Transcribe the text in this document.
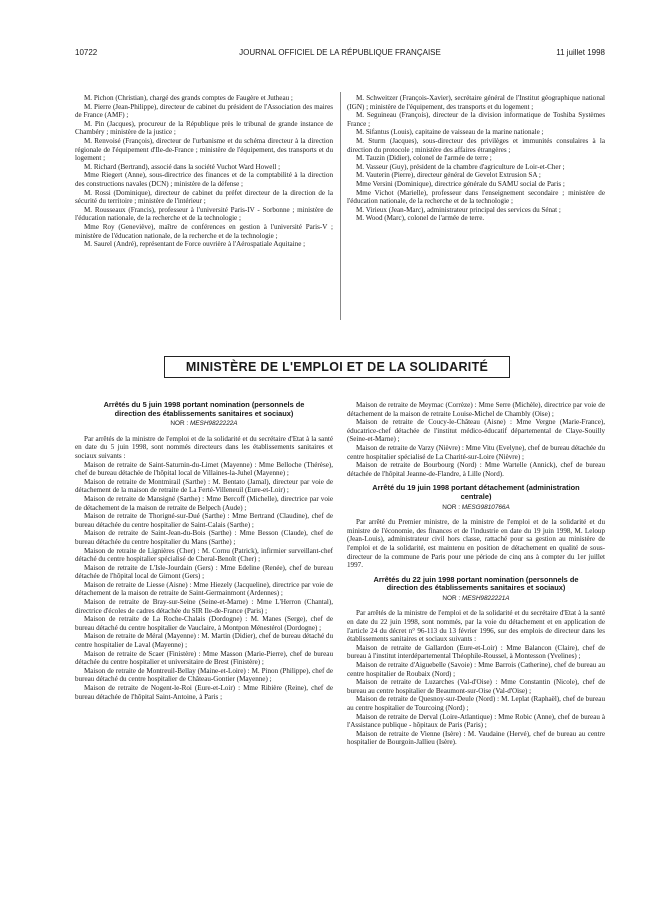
10722	JOURNAL OFFICIEL DE LA RÉPUBLIQUE FRANÇAISE	11 juillet 1998

M. Pichon (Christian), chargé des grands comptes de Faugère et Jutheau ;

M. Pierre (Jean-Philippe), directeur de cabinet du président de l'Association des maires de France (AMF) ;

M. Pin (Jacques), procureur de la République près le tribunal de grande instance de Chambéry ; ministère de la justice ;

M. Renvoisé (François), directeur de l'urbanisme et du schéma directeur à la direction régionale de l'équipement d'Ile-de-France ; ministère de l'équipement, des transports et du logement ;

M. Richard (Bertrand), associé dans la société Vuchot Ward Howell ;

Mme Riegert (Anne), sous-directrice des finances et de la comptabilité à la direction des constructions navales (DCN) ; ministère de la défense ;

M. Rossi (Dominique), directeur de cabinet du préfet directeur de la direction de la sécurité du territoire ; ministère de l'intérieur ;

M. Rousseaux (Francis), professeur à l'université Paris-IV - Sorbonne ; ministère de l'éducation nationale, de la recherche et de la technologie ;

Mme Roy (Geneviève), maître de conférences en gestion à l'université Paris-V ; ministère de l'éducation nationale, de la recherche et de la technologie ;

M. Saurel (André), représentant de Force ouvrière à l'Aérospatiale Aquitaine ;

M. Schweitzer (François-Xavier), secrétaire général de l'Institut géographique national (IGN) ; ministère de l'équipement, des transports et du logement ;

M. Seguineau (François), directeur de la division informatique de Toshiba Systèmes France ;

M. Sifantus (Louis), capitaine de vaisseau de la marine nationale ;

M. Sturm (Jacques), sous-directeur des privilèges et immunités consulaires à la direction du protocole ; ministère des affaires étrangères ;

M. Tauzin (Didier), colonel de l'armée de terre ;

M. Vasseur (Guy), président de la chambre d'agriculture de Loir-et-Cher ;

M. Vauterin (Pierre), directeur général de Gevelot Extrusion SA ;

Mme Versini (Dominique), directrice générale du SAMU social de Paris ;

Mme Vichot (Marielle), professeur dans l'enseignement secondaire ; ministère de l'éducation nationale, de la recherche et de la technologie ;

M. Virieux (Jean-Marc), administrateur principal des services du Sénat ;

M. Wood (Marc), colonel de l'armée de terre.

MINISTÈRE DE L'EMPLOI ET DE LA SOLIDARITÉ

Arrêtés du 5 juin 1998 portant nomination (personnels de direction des établissements sanitaires et sociaux)

NOR : MESH9822222A

Par arrêtés de la ministre de l'emploi et de la solidarité et du secrétaire d'Etat à la santé en date du 5 juin 1998, sont nommés directeurs dans les établissements sanitaires et sociaux suivants :

Maison de retraite de Saint-Saturnin-du-Limet (Mayenne) : Mme Belloche (Thérèse), chef de bureau détachée de l'hôpital local de Villaines-la-Juhel (Mayenne) ;

Maison de retraite de Montmirail (Sarthe) : M. Bentato (Jamal), directeur par voie de détachement de la maison de retraite de La Ferté-Villeneuil (Eure-et-Loir) ;

Maison de retraite de Mansigné (Sarthe) : Mme Bercoff (Michelle), directrice par voie de détachement de la maison de retraite de Belpech (Aude) ;

Maison de retraite de Thorigné-sur-Dué (Sarthe) : Mme Bertrand (Claudine), chef de bureau détachée du centre hospitalier de Saint-Calais (Sarthe) ;

Maison de retraite de Saint-Jean-du-Bois (Sarthe) : Mme Besson (Claude), chef de bureau détachée du centre hospitalier du Mans (Sarthe) ;

Maison de retraite de Lignières (Cher) : M. Cornu (Patrick), infirmier surveillant-chef détaché du centre hospitalier spécialisé de Cheral-Benoît (Cher) ;

Maison de retraite de L'Isle-Jourdain (Gers) : Mme Edeline (Renée), chef de bureau détachée de l'hôpital local de Gimont (Gers) ;

Maison de retraite de Liesse (Aisne) : Mme Hiezely (Jacqueline), directrice par voie de détachement de la maison de retraite de Saint-Germainmont (Ardennes) ;

Maison de retraite de Bray-sur-Seine (Seine-et-Marne) : Mme L'Herron (Chantal), directrice d'écoles de cadres détachée du SIR Ile-de-France (Paris) ;

Maison de retraite de La Roche-Chalais (Dordogne) : M. Manes (Serge), chef de bureau détaché du centre hospitalier de Vauclaire, à Montpon Ménestérol (Dordogne) ;

Maison de retraite de Méral (Mayenne) : M. Martin (Didier), chef de bureau détaché du centre hospitalier de Laval (Mayenne) ;

Maison de retraite de Scaer (Finistère) : Mme Masson (Marie-Pierre), chef de bureau détachée du centre hospitalier et universitaire de Brest (Finistère) ;

Maison de retraite de Montreuil-Bellay (Maine-et-Loire) : M. Pinon (Philippe), chef de bureau détaché du centre hospitalier de Château-Gontier (Mayenne) ;

Maison de retraite de Nogent-le-Roi (Eure-et-Loir) : Mme Ribière (Reine), chef de bureau détachée de l'hôpital Saint-Antoine, à Paris ;

Maison de retraite de Meymac (Corrèze) : Mme Serre (Michèle), directrice par voie de détachement de la maison de retraite Louise-Michel de Chambly (Oise) ;

Maison de retraite de Coucy-le-Château (Aisne) : Mme Vergne (Marie-France), éducatrice-chef détachée de l'institut médico-éducatif départemental de Claye-Souilly (Seine-et-Marne) ;

Maison de retraite de Varzy (Nièvre) : Mme Vitu (Evelyne), chef de bureau détachée du centre hospitalier spécialisé de La Charité-sur-Loire (Nièvre) ;

Maison de retraite de Bourbourg (Nord) : Mme Wartelle (Annick), chef de bureau détachée de l'hôpital Jeanne-de-Flandre, à Lille (Nord).

Arrêté du 19 juin 1998 portant détachement (administration centrale)

NOR : MESG9810766A

Par arrêté du Premier ministre, de la ministre de l'emploi et de la solidarité et du ministre de l'économie, des finances et de l'industrie en date du 19 juin 1998, M. Leloup (Jean-Louis), administrateur civil hors classe, rattaché pour sa gestion au ministère de l'emploi et de la solidarité, est maintenu en position de détachement en qualité de sous-directeur de la commune de Paris pour une période de cinq ans à compter du 1er juillet 1997.

Arrêtés du 22 juin 1998 portant nomination (personnels de direction des établissements sanitaires et sociaux)

NOR : MESH9822221A

Par arrêtés de la ministre de l'emploi et de la solidarité et du secrétaire d'Etat à la santé en date du 22 juin 1998, sont nommés, par la voie du détachement et en application de l'article 24 du décret n° 96-113 du 13 février 1996, sur des emplois de directeur dans les établissements sanitaires et sociaux suivants :

Maison de retraite de Gallardon (Eure-et-Loir) : Mme Balancon (Claire), chef de bureau à l'institut interdépartemental Théophile-Roussel, à Montesson (Yvelines) ;

Maison de retraite d'Aiguebelle (Savoie) : Mme Barrois (Catherine), chef de bureau au centre hospitalier de Roubaix (Nord) ;

Maison de retraite de Luzarches (Val-d'Oise) : Mme Constantin (Nicole), chef de bureau au centre hospitalier de Beaumont-sur-Oise (Val-d'Oise) ;

Maison de retraite de Quesnoy-sur-Deule (Nord) : M. Leplat (Raphaël), chef de bureau au centre hospitalier de Tourcoing (Nord) ;

Maison de retraite de Derval (Loire-Atlantique) : Mme Robic (Anne), chef de bureau à l'Assistance publique - hôpitaux de Paris (Paris) ;

Maison de retraite de Vienne (Isère) : M. Vaudaine (Hervé), chef de bureau au centre hospitalier de Bourgoin-Jallieu (Isère).
